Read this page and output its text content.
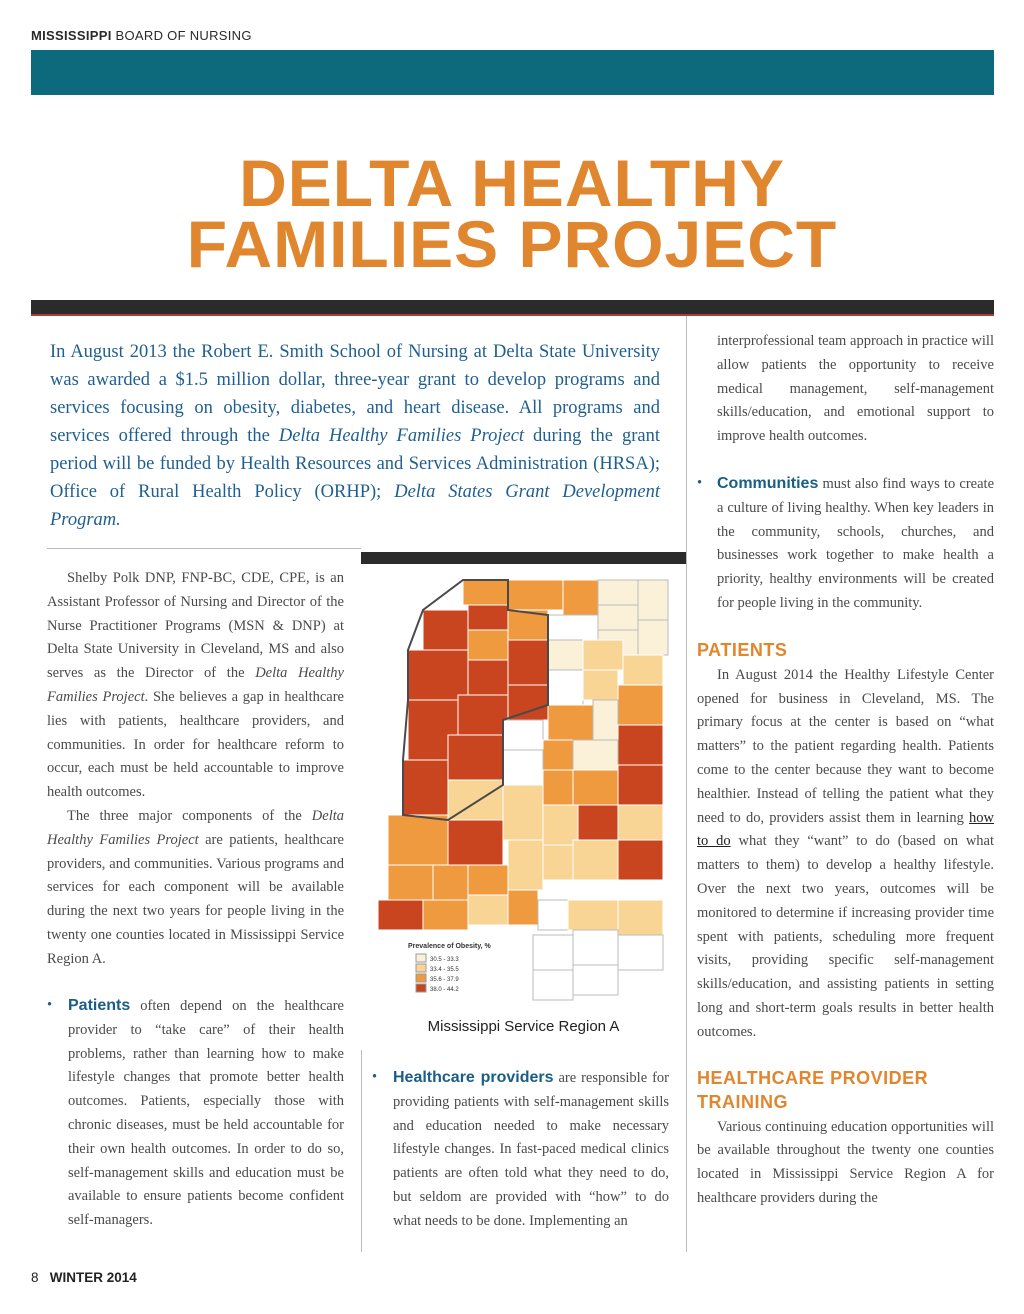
MISSISSIPPI BOARD OF NURSING
DELTA HEALTHY
FAMILIES PROJECT
In August 2013 the Robert E. Smith School of Nursing at Delta State University was awarded a $1.5 million dollar, three-year grant to develop programs and services focusing on obesity, diabetes, and heart disease. All programs and services offered through the Delta Healthy Families Project during the grant period will be funded by Health Resources and Services Administration (HRSA); Office of Rural Health Policy (ORHP); Delta States Grant Development Program.

Shelby Polk DNP, FNP-BC, CDE, CPE, is an Assistant Professor of Nursing and Director of the Nurse Practitioner Programs (MSN & DNP) at Delta State University in Cleveland, MS and also serves as the Director of the Delta Healthy Families Project. She believes a gap in healthcare lies with patients, healthcare providers, and communities. In order for healthcare reform to occur, each must be held accountable to improve health outcomes.

The three major components of the Delta Healthy Families Project are patients, healthcare providers, and communities. Various programs and services for each component will be available during the next two years for people living in the twenty one counties located in Mississippi Service Region A.

• Patients often depend on the healthcare provider to “take care” of their health problems, rather than learning how to make lifestyle changes that promote better health outcomes. Patients, especially those with chronic diseases, must be held accountable for their own health outcomes. In order to do so, self-management skills and education must be available to ensure patients become confident self-managers.
Prevalence of Obesity, %
30.5 - 33.3
33.4 - 35.5
35.6 - 37.9
38.0 - 44.2
Mississippi Service Region A
• Healthcare providers are responsible for providing patients with self-management skills and education needed to make necessary lifestyle changes. In fast-paced medical clinics patients are often told what they need to do, but seldom are provided with “how” to do what needs to be done. Implementing an

interprofessional team approach in practice will allow patients the opportunity to receive medical management, self-management skills/education, and emotional support to improve health outcomes.

• Communities must also find ways to create a culture of living healthy. When key leaders in the community, schools, churches, and businesses work together to make health a priority, healthy environments will be created for people living in the community.
PATIENTS

In August 2014 the Healthy Lifestyle Center opened for business in Cleveland, MS. The primary focus at the center is based on “what matters” to the patient regarding health. Patients come to the center because they want to become healthier. Instead of telling the patient what they need to do, providers assist them in learning how to do what they “want” to do (based on what matters to them) to develop a healthy lifestyle. Over the next two years, outcomes will be monitored to determine if increasing provider time spent with patients, scheduling more frequent visits, providing specific self-management skills/education, and assisting patients in setting long and short-term goals results in better health outcomes.

HEALTHCARE PROVIDER
TRAINING

Various continuing education opportunities will be available throughout the twenty one counties located in Mississippi Service Region A for healthcare providers during the

8 WINTER 2014
